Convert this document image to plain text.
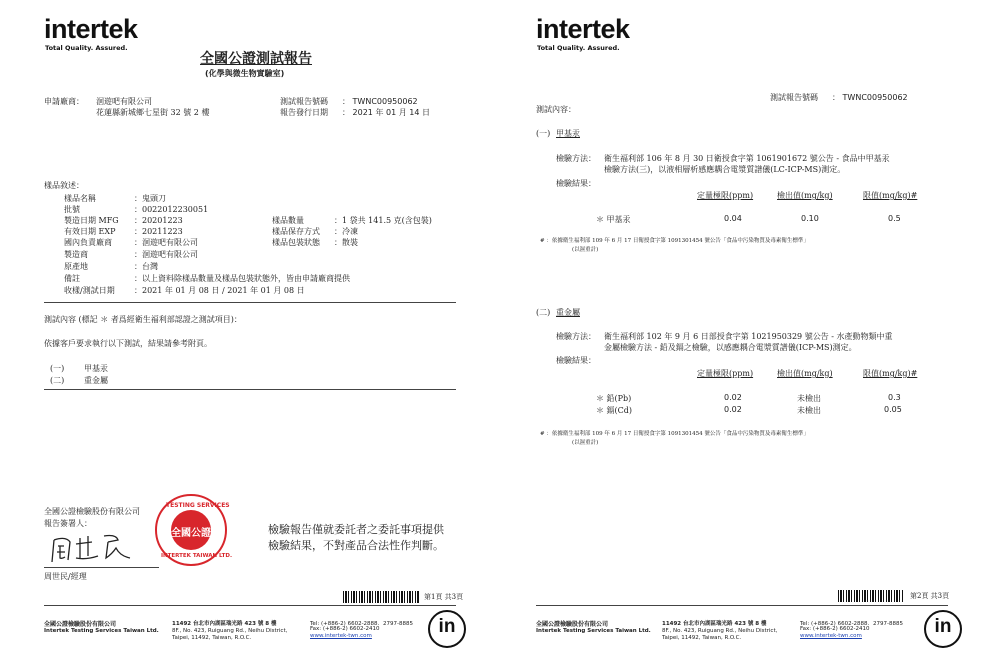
intertek
Total Quality. Assured.
全國公證測試報告
(化學與微生物實驗室)
申請廠商： 洄遊吧有限公司
花蓮縣新城鄉七星街 32 號 2 樓
測試報告號碼 ： TWNC00950062
報告發行日期 ： 2021 年 01 月 14 日
樣品敘述：
樣品名稱	：鬼頭刀
批號	：0022012230051
製造日期 MFG ：20201223
有效日期 EXP ：20211223
國內負責廠商	：洄遊吧有限公司
製造商	：洄遊吧有限公司
原產地	：台灣
備註	：以上資料除樣品數量及樣品包裝狀態外，皆由申請廠商提供
收樣/測試日期 ：2021 年 01 月 08 日 / 2021 年 01 月 08 日
樣品數量	：1 袋共 141.5 克(含包裝)
樣品保存方式 ：冷凍
樣品包裝狀態 ：散裝
測試內容 (標記 ＊ 者爲經衛生福利部認證之測試項目)：
依據客戶要求執行以下測試，結果請參考附頁。
(一) 甲基汞
(二) 重金屬
全國公證檢驗股份有限公司
報告簽署人：
周世民/經理
TESTING SERVICES
全國公證
INTERTEK TAIWAN LTD.
檢驗報告僅就委託者之委託事項提供
檢驗結果，不對產品合法性作判斷。
第1頁 共3頁
全國公證檢驗股份有限公司
Intertek Testing Services Taiwan Ltd.
11492 台北市內湖區瑞光路 423 號 8 樓
8F., No. 423, Ruiguang Rd., Neihu District,
Taipei, 11492, Taiwan, R.O.C.
Tel: (+886-2) 6602-2888．2797-8885
Fax: (+886-2) 6602-2410
www.intertek-twn.com	in
intertek
Total Quality. Assured.
測試報告號碼 ： TWNC00950062
測試內容：
(一) 甲基汞
檢驗方法： 衛生福利部 106 年 8 月 30 日衛授食字第 1061901672 號公告 - 食品中甲基汞
檢驗方法(三)，以液相層析感應耦合電漿質譜儀(LC-ICP-MS)測定。
檢驗結果：
定量極限(ppm)	檢出值(mg/kg)	限值(mg/kg)#
＊ 甲基汞	0.04	0.10	0.5
# ：依據衛生福利部 109 年 6 月 17 日衛授食字第 1091301454 號公告「食品中污染物質及毒素衛生標準」
(以濕重計)
(二) 重金屬
檢驗方法： 衛生福利部 102 年 9 月 6 日部授食字第 1021950329 號公告 - 水產動物類中重
金屬檢驗方法 - 鉛及鎘之檢驗，以感應耦合電漿質譜儀(ICP-MS)測定。
檢驗結果：
定量極限(ppm)	檢出值(mg/kg)	限值(mg/kg)#
＊ 鉛(Pb)	0.02	未檢出	0.3
＊ 鎘(Cd)	0.02	未檢出	0.05
# ：依據衛生福利部 109 年 6 月 17 日衛授食字第 1091301454 號公告「食品中污染物質及毒素衛生標準」
(以濕重計)
第2頁 共3頁
全國公證檢驗股份有限公司
Intertek Testing Services Taiwan Ltd.
11492 台北市內湖區瑞光路 423 號 8 樓
8F., No. 423, Ruiguang Rd., Neihu District,
Taipei, 11492, Taiwan, R.O.C.
Tel: (+886-2) 6602-2888．2797-8885
Fax: (+886-2) 6602-2410
www.intertek-twn.com	in
